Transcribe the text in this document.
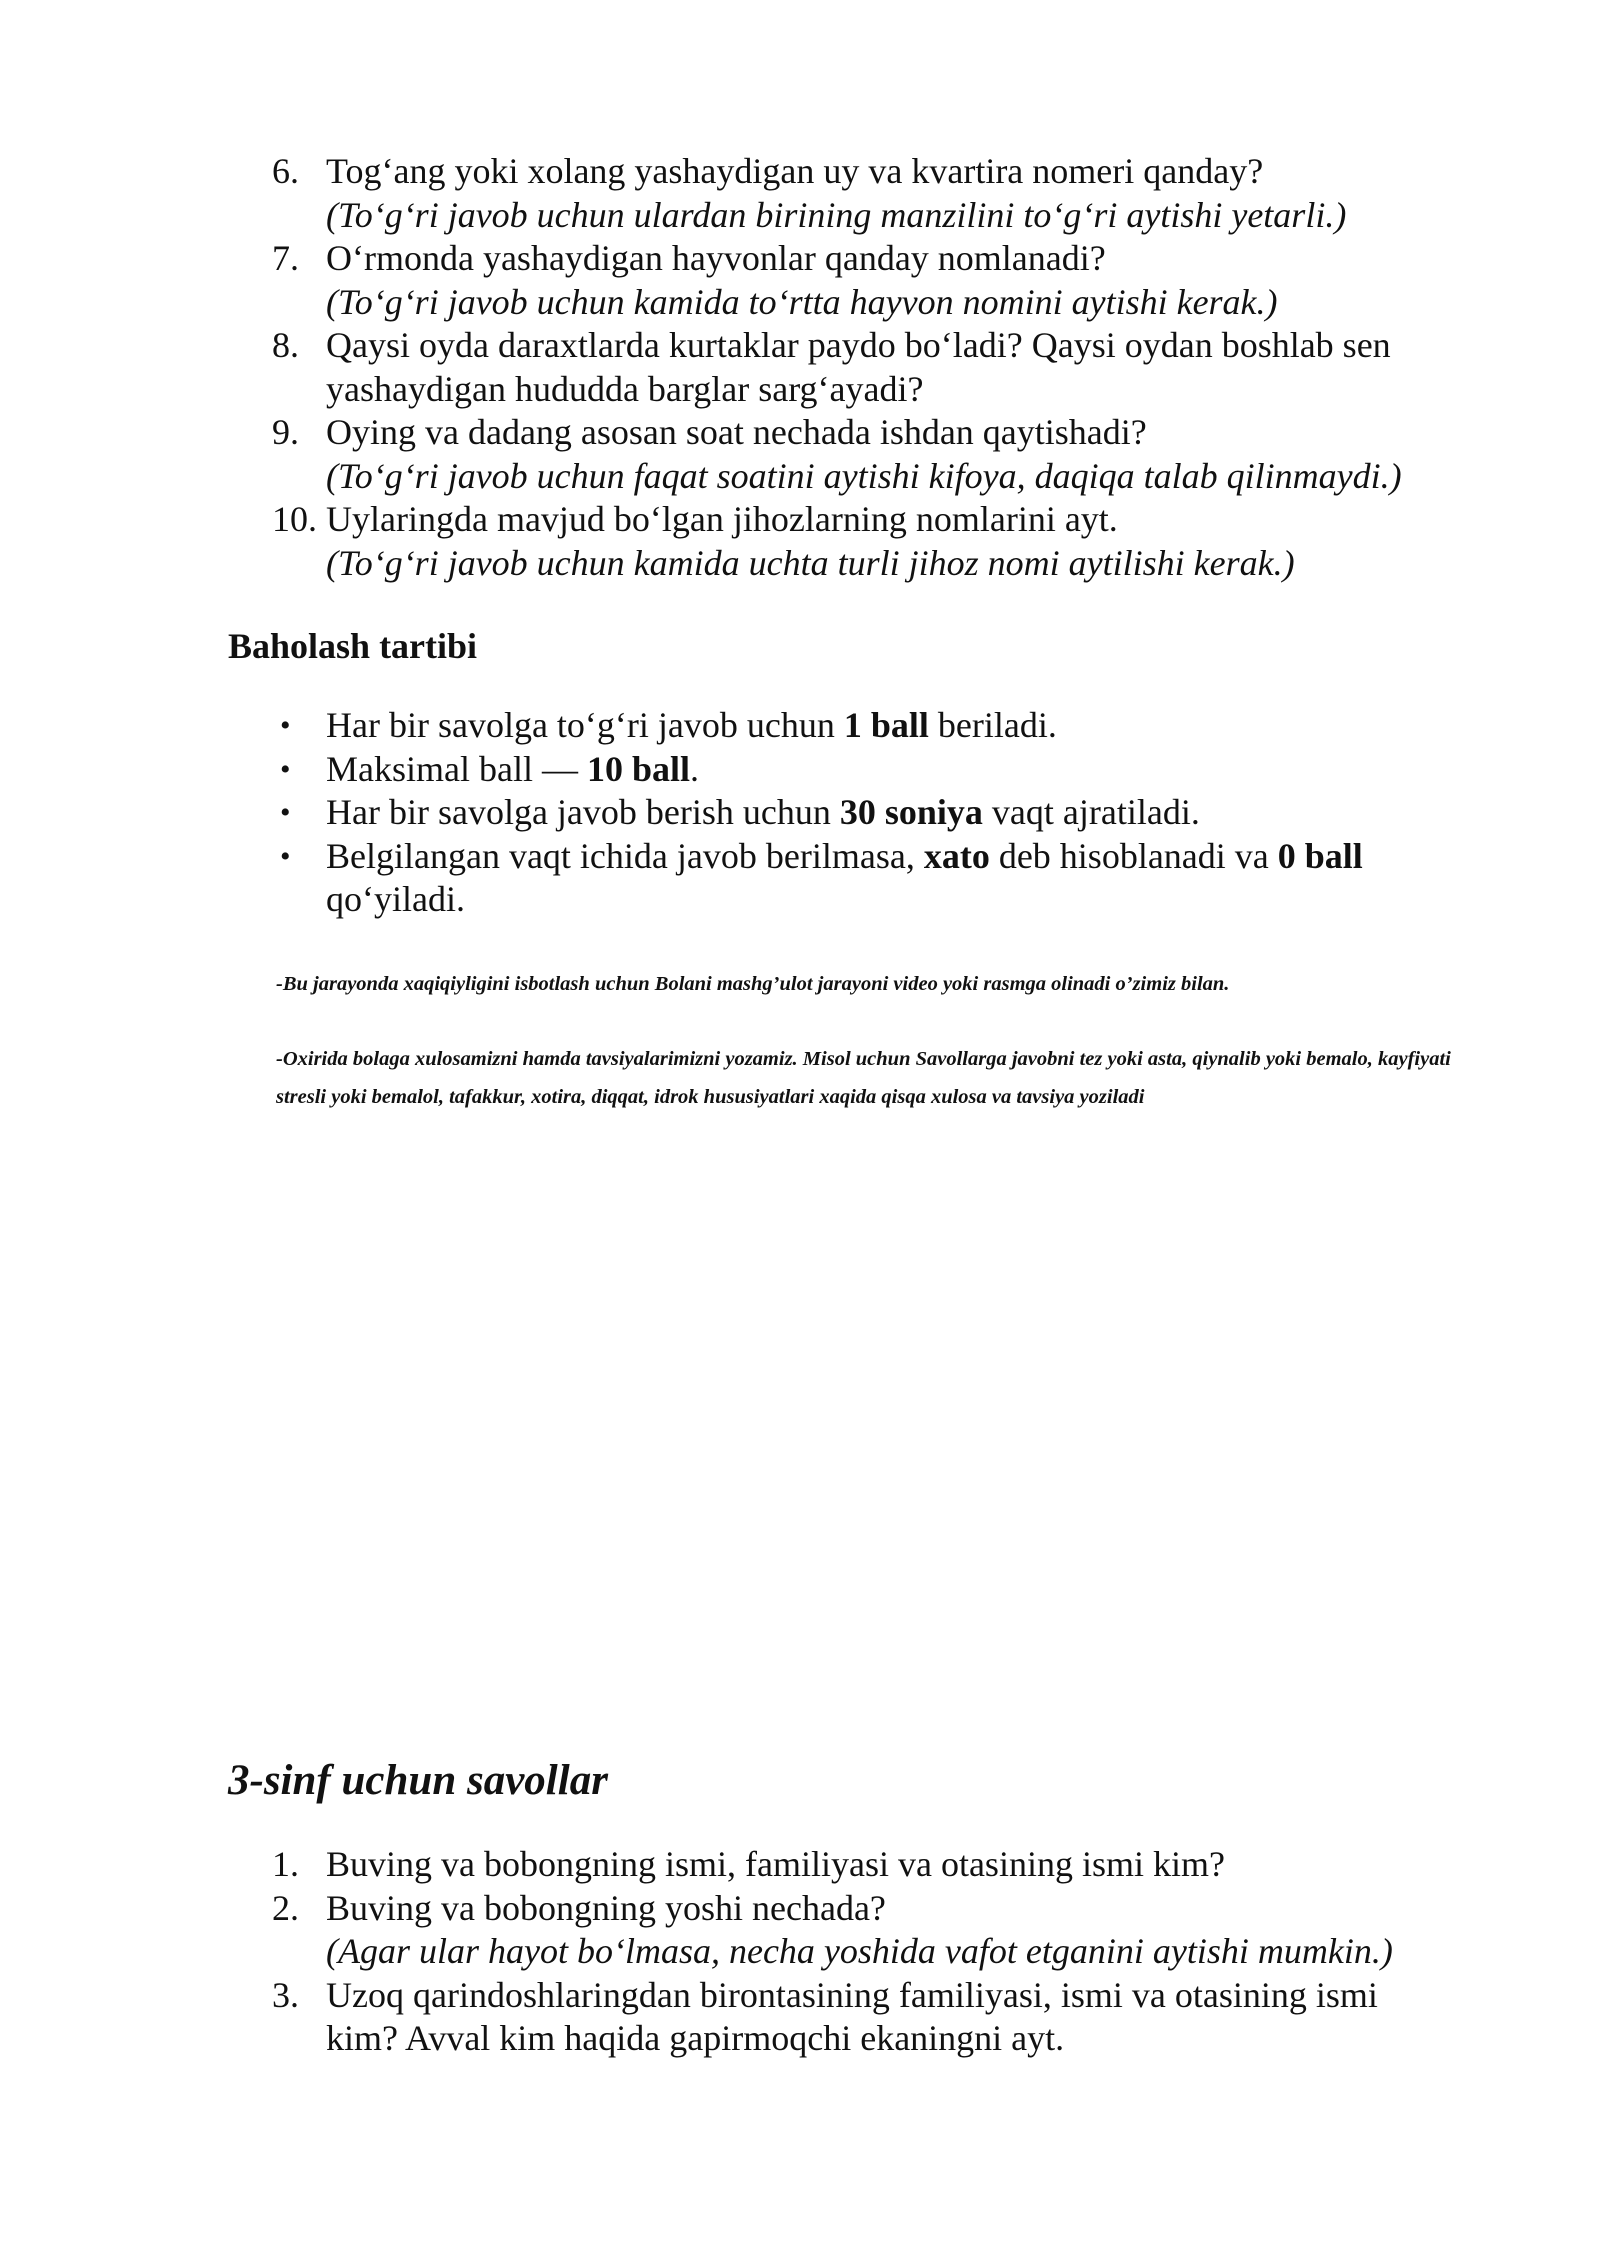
6. Tog‘ang yoki xolang yashaydigan uy va kvartira nomeri qanday?
(To‘g‘ri javob uchun ulardan birining manzilini to‘g‘ri aytishi yetarli.)
7. O‘rmonda yashaydigan hayvonlar qanday nomlanadi?
(To‘g‘ri javob uchun kamida to‘rtta hayvon nomini aytishi kerak.)
8. Qaysi oyda daraxtlarda kurtaklar paydo bo‘ladi? Qaysi oydan boshlab sen yashaydigan hududda barglar sarg‘ayadi?
9. Oying va dadang asosan soat nechada ishdan qaytishadi?
(To‘g‘ri javob uchun faqat soatini aytishi kifoya, daqiqa talab qilinmaydi.)
10. Uylaringda mavjud bo‘lgan jihozlarning nomlarini ayt.
(To‘g‘ri javob uchun kamida uchta turli jihoz nomi aytilishi kerak.)
Baholash tartibi
• Har bir savolga to‘g‘ri javob uchun 1 ball beriladi.
• Maksimal ball — 10 ball.
• Har bir savolga javob berish uchun 30 soniya vaqt ajratiladi.
• Belgilangan vaqt ichida javob berilmasa, xato deb hisoblanadi va 0 ball qo‘yiladi.
-Bu jarayonda xaqiqiyligini isbotlash uchun Bolani mashg’ulot jarayoni video yoki rasmga olinadi o’zimiz bilan.
-Oxirida bolaga xulosamizni hamda tavsiyalarimizni yozamiz. Misol uchun Savollarga javobni tez yoki asta, qiynalib yoki bemalo, kayfiyati stresli yoki bemalol, tafakkur, xotira, diqqat, idrok hususiyatlari xaqida qisqa xulosa va tavsiya yoziladi
3-sinf uchun savollar
1. Buving va bobongning ismi, familiyasi va otasining ismi kim?
2. Buving va bobongning yoshi nechada?
(Agar ular hayot bo‘lmasa, necha yoshida vafot etganini aytishi mumkin.)
3. Uzoq qarindoshlaringdan birontasining familiyasi, ismi va otasining ismi kim? Avval kim haqida gapirmoqchi ekaningni ayt.
